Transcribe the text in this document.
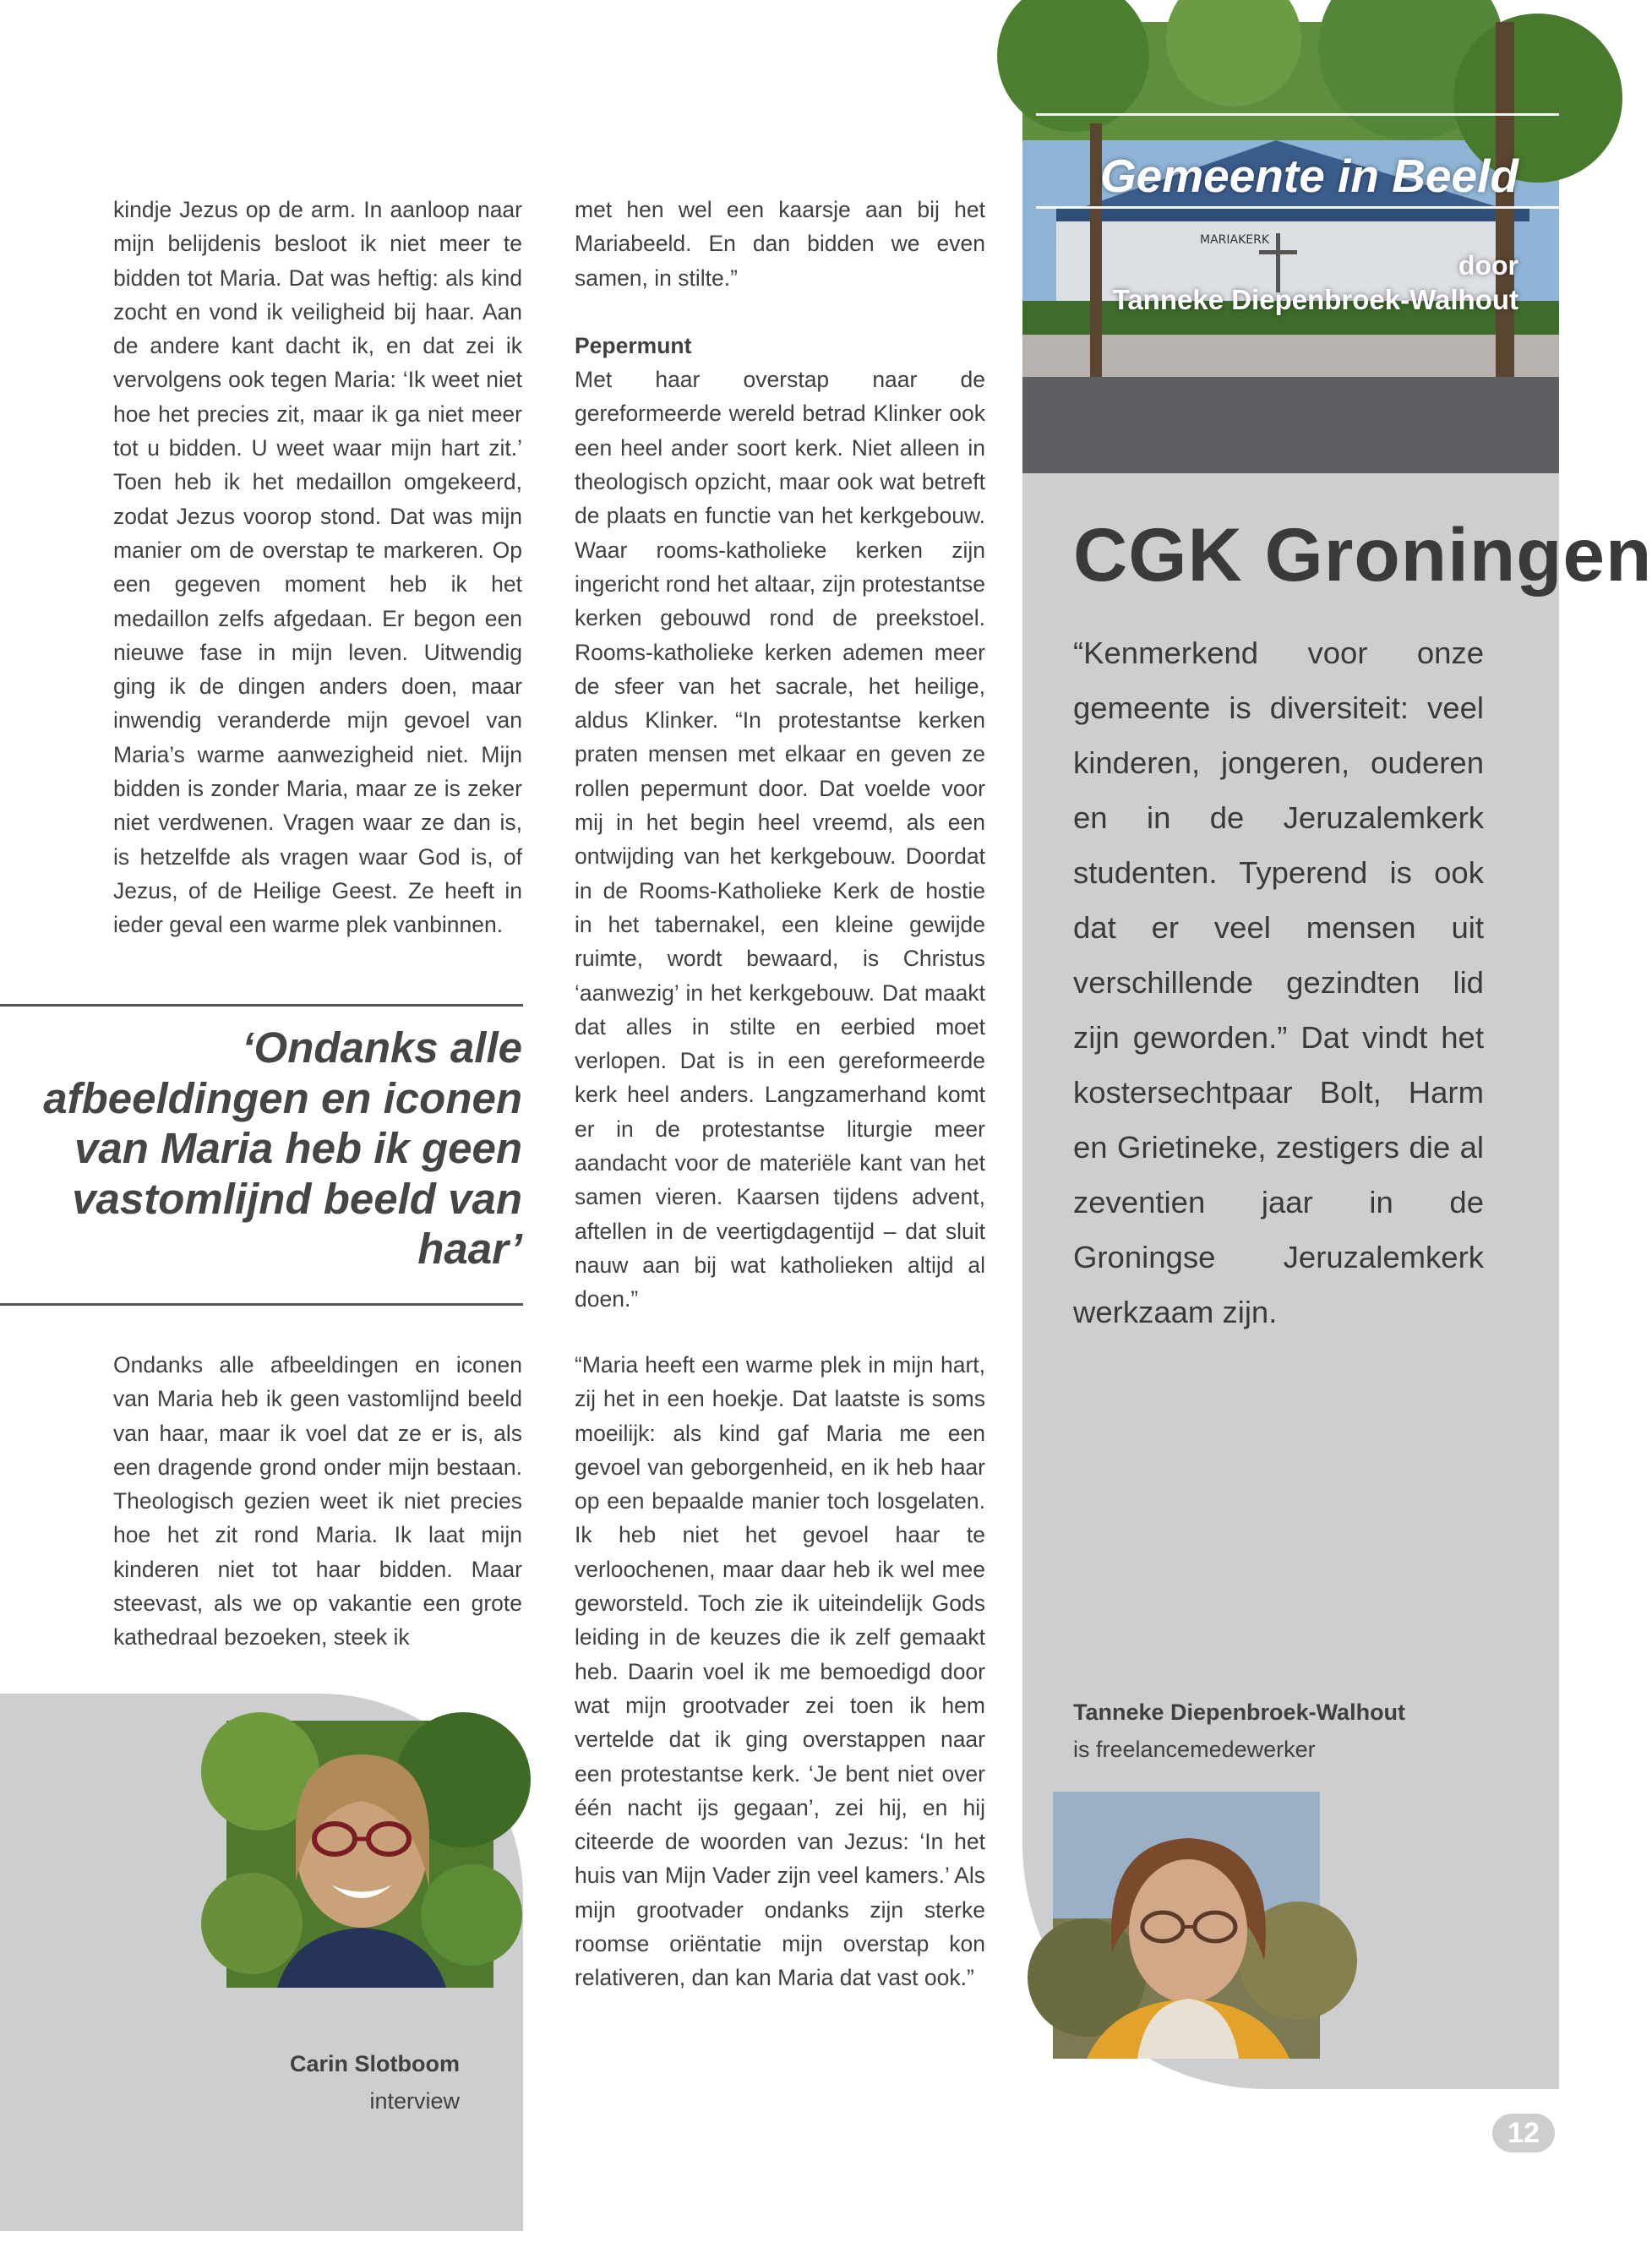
kindje Jezus op de arm. In aanloop naar mijn belijdenis besloot ik niet meer te bidden tot Maria. Dat was heftig: als kind zocht en vond ik veiligheid bij haar. Aan de andere kant dacht ik, en dat zei ik vervolgens ook tegen Maria: ‘Ik weet niet hoe het precies zit, maar ik ga niet meer tot u bidden. U weet waar mijn hart zit.’ Toen heb ik het medaillon omgekeerd, zodat Jezus voorop stond. Dat was mijn manier om de overstap te markeren. Op een gegeven moment heb ik het medaillon zelfs afgedaan. Er begon een nieuwe fase in mijn leven. Uitwendig ging ik de dingen anders doen, maar inwendig veranderde mijn gevoel van Maria’s warme aanwezigheid niet. Mijn bidden is zonder Maria, maar ze is zeker niet verdwenen. Vragen waar ze dan is, is hetzelfde als vragen waar God is, of Jezus, of de Heilige Geest. Ze heeft in ieder geval een warme plek vanbinnen.

‘Ondanks alle afbeeldingen en iconen van Maria heb ik geen vastomlijnd beeld van haar’

Ondanks alle afbeeldingen en iconen van Maria heb ik geen vastomlijnd beeld van haar, maar ik voel dat ze er is, als een dragende grond onder mijn bestaan. Theologisch gezien weet ik niet precies hoe het zit rond Maria. Ik laat mijn kinderen niet tot haar bidden. Maar steevast, als we op vakantie een grote kathedraal bezoeken, steek ik

met hen wel een kaarsje aan bij het Mariabeeld. En dan bidden we even samen, in stilte.”

Pepermunt

Met haar overstap naar de gereformeerde wereld betrad Klinker ook een heel ander soort kerk. Niet alleen in theologisch opzicht, maar ook wat betreft de plaats en functie van het kerkgebouw. Waar rooms-katholieke kerken zijn ingericht rond het altaar, zijn protestantse kerken gebouwd rond de preekstoel. Rooms-katholieke kerken ademen meer de sfeer van het sacrale, het heilige, aldus Klinker. “In protestantse kerken praten mensen met elkaar en geven ze rollen pepermunt door. Dat voelde voor mij in het begin heel vreemd, als een ontwijding van het kerkgebouw. Doordat in de Rooms-Katholieke Kerk de hostie in het tabernakel, een kleine gewijde ruimte, wordt bewaard, is Christus ‘aanwezig’ in het kerkgebouw. Dat maakt dat alles in stilte en eerbied moet verlopen. Dat is in een gereformeerde kerk heel anders. Langzamerhand komt er in de protestantse liturgie meer aandacht voor de materiële kant van het samen vieren. Kaarsen tijdens advent, aftellen in de veertigdagentijd – dat sluit nauw aan bij wat katholieken altijd al doen.”

“Maria heeft een warme plek in mijn hart, zij het in een hoekje. Dat laatste is soms moeilijk: als kind gaf Maria me een gevoel van geborgenheid, en ik heb haar op een bepaalde manier toch losgelaten. Ik heb niet het gevoel haar te verloochenen, maar daar heb ik wel mee geworsteld. Toch zie ik uiteindelijk Gods leiding in de keuzes die ik zelf gemaakt heb. Daarin voel ik me bemoedigd door wat mijn grootvader zei toen ik hem vertelde dat ik ging overstappen naar een protestantse kerk. ‘Je bent niet over één nacht ijs gegaan’, zei hij, en hij citeerde de woorden van Jezus: ‘In het huis van Mijn Vader zijn veel kamers.’ Als mijn grootvader ondanks zijn sterke roomse oriëntatie mijn overstap kon relativeren, dan kan Maria dat vast ook.”

Carin Slotboom
interview
MARIAKERK
Gemeente in Beeld
door
Tanneke Diepenbroek-Walhout
CGK Groningen
“Kenmerkend voor onze gemeente is diversiteit: veel kinderen, jongeren, ouderen en in de Jeruzalemkerk studenten. Typerend is ook dat er veel mensen uit verschillende gezindten lid zijn geworden.” Dat vindt het kostersechtpaar Bolt, Harm en Grietineke, zestigers die al zeventien jaar in de Groningse Jeruzalemkerk werkzaam zijn.
Tanneke Diepenbroek-Walhout
is freelancemedewerker
12
